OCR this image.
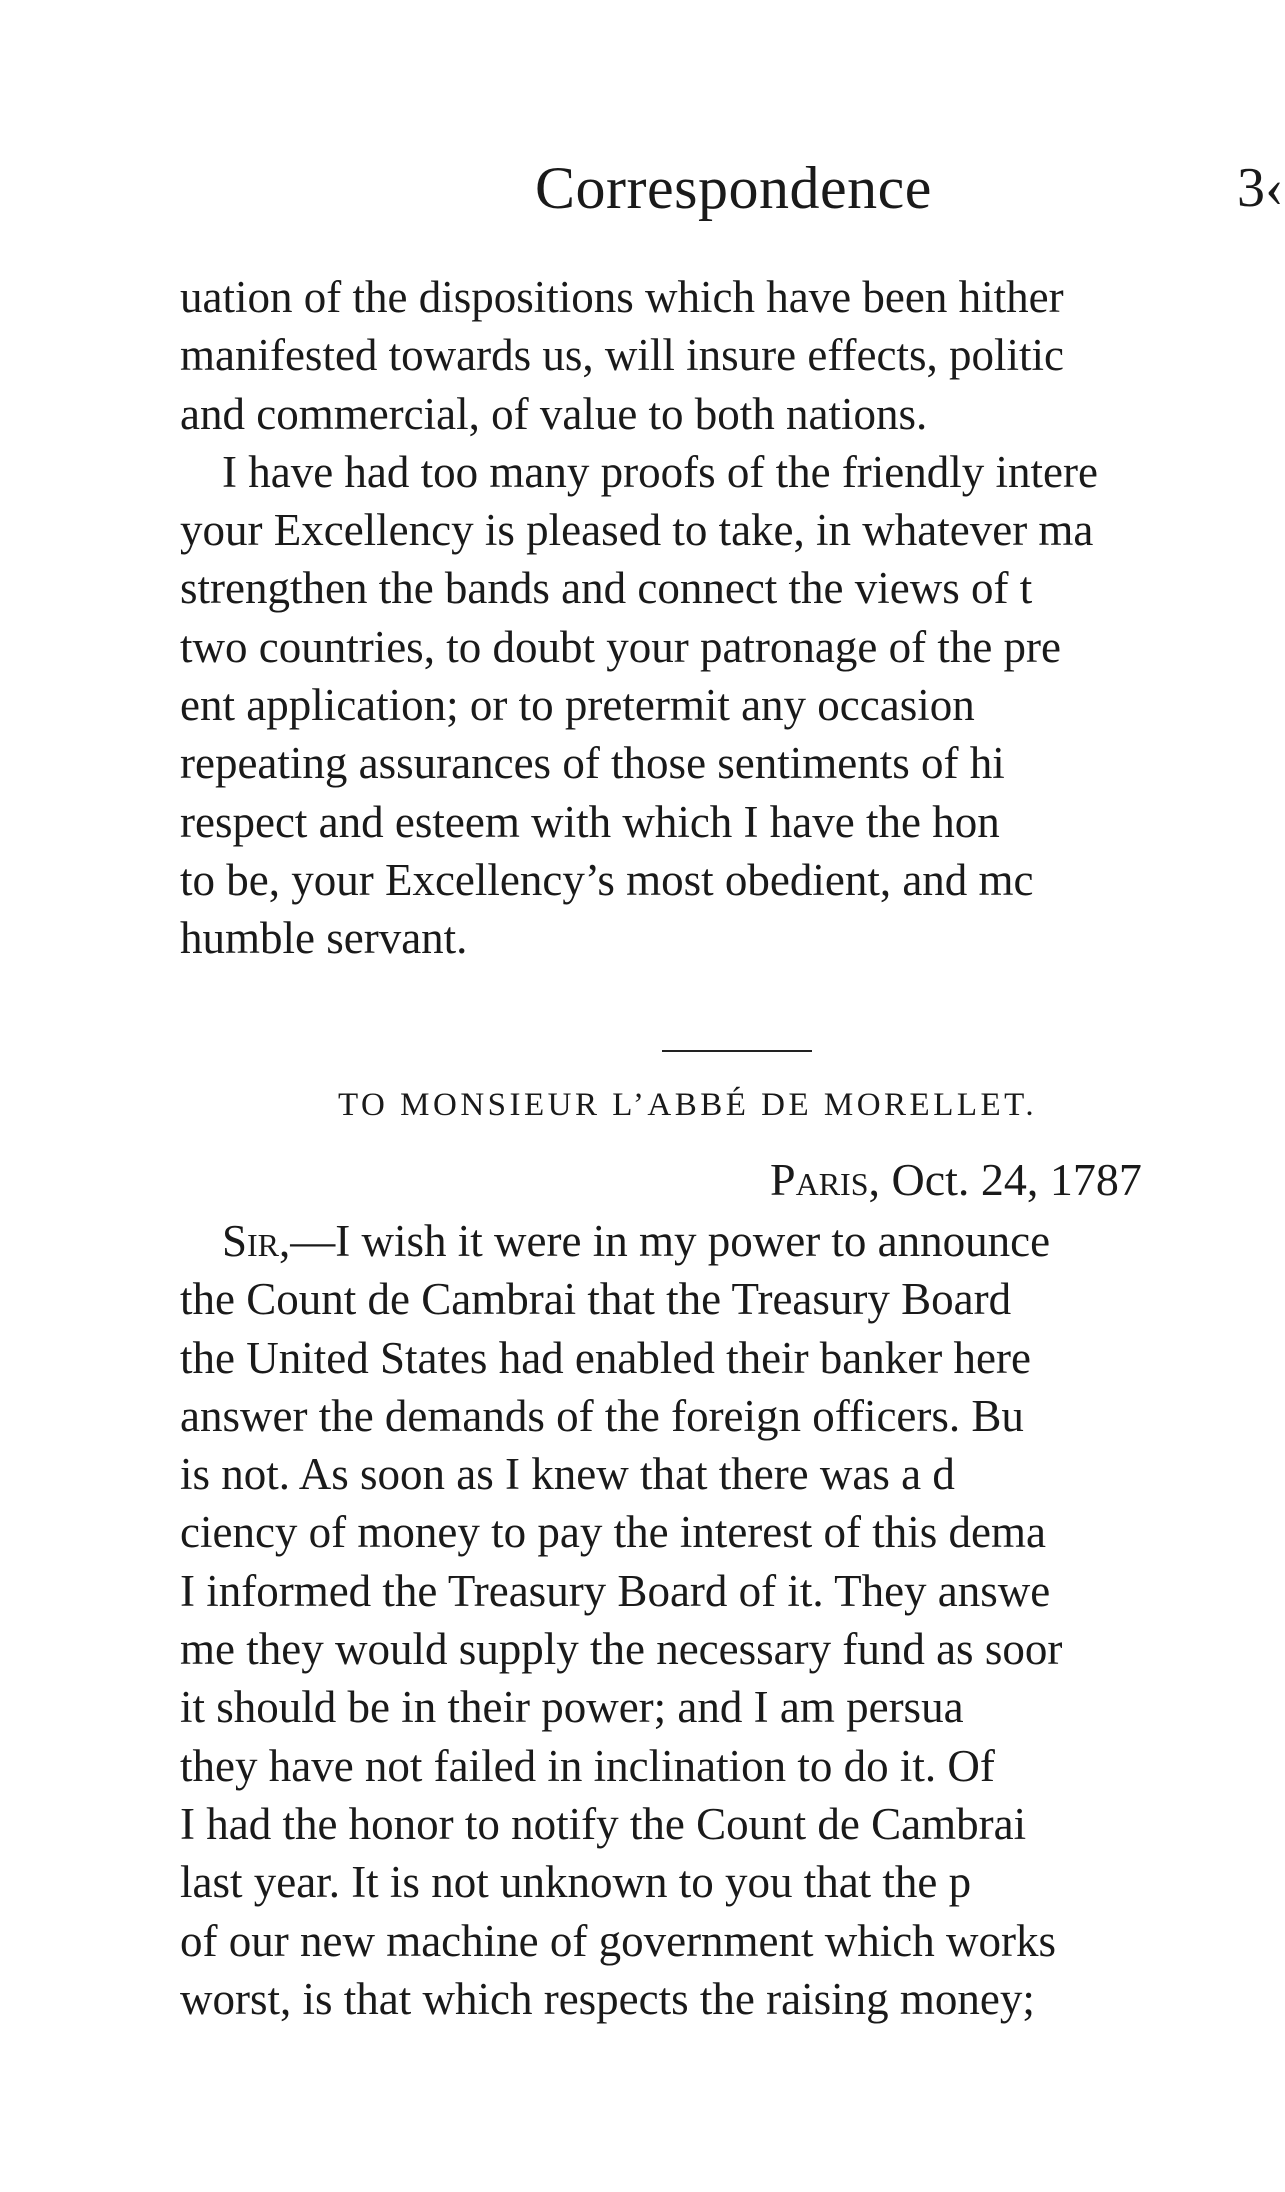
Correspondence	3‹
uation of the dispositions which have been hither
manifested towards us, will insure effects, politic
and commercial, of value to both nations.
I have had too many proofs of the friendly intere
your Excellency is pleased to take, in whatever ma
strengthen the bands and connect the views of t
two countries, to doubt your patronage of the pre
ent application; or to pretermit any occasion
repeating assurances of those sentiments of hi
respect and esteem with which I have the hon
to be, your Excellency’s most obedient, and mc
humble servant.
TO MONSIEUR L’ABBÉ DE MORELLET.
Paris, Oct. 24, 1787
Sir,—I wish it were in my power to announce
the Count de Cambrai that the Treasury Board
the United States had enabled their banker here
answer the demands of the foreign officers. Bu
is not. As soon as I knew that there was a d
ciency of money to pay the interest of this dema
I informed the Treasury Board of it. They answe
me they would supply the necessary fund as soor
it should be in their power; and I am persua
they have not failed in inclination to do it. Of
I had the honor to notify the Count de Cambrai
last year. It is not unknown to you that the p
of our new machine of government which works
worst, is that which respects the raising money;
